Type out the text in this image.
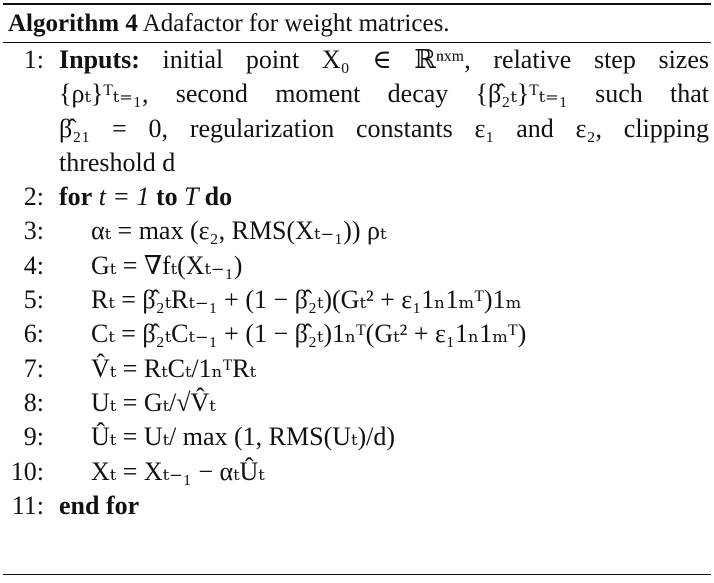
Algorithm 4 Adafactor for weight matrices.
1: Inputs: initial point X₀ ∈ ℝⁿˣᵐ, relative step sizes
{ρₜ}ᵀₜ₌₁, second moment decay {β̂₂ₜ}ᵀₜ₌₁ such that
β̂₂₁ = 0, regularization constants ε₁ and ε₂, clipping
threshold d
2: for t = 1 to T do
3: αₜ = max (ε₂, RMS(Xₜ₋₁)) ρₜ
4: Gₜ = ∇fₜ(Xₜ₋₁)
5: Rₜ = β̂₂ₜRₜ₋₁ + (1 − β̂₂ₜ)(Gₜ² + ε₁1ₙ1ₘᵀ)1ₘ
6: Cₜ = β̂₂ₜCₜ₋₁ + (1 − β̂₂ₜ)1ₙᵀ(Gₜ² + ε₁1ₙ1ₘᵀ)
7: V̂ₜ = RₜCₜ/1ₙᵀRₜ
8: Uₜ = Gₜ/√V̂ₜ
9: Ûₜ = Uₜ/ max (1, RMS(Uₜ)/d)
10: Xₜ = Xₜ₋₁ − αₜÛₜ
11: end for
